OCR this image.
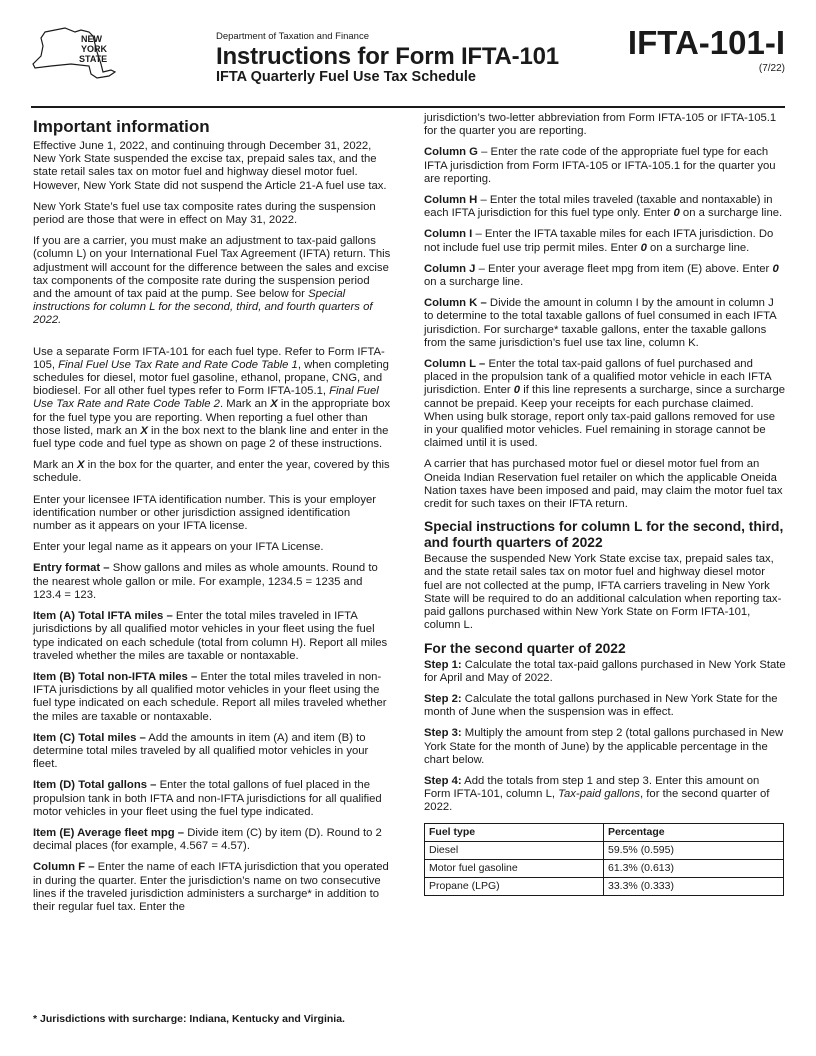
NEW
YORK
STATE
Department of Taxation and Finance
Instructions for Form IFTA-101
IFTA Quarterly Fuel Use Tax Schedule
IFTA-101-I
(7/22)
Important information

Effective June 1, 2022, and continuing through December 31, 2022, New York State suspended the excise tax, prepaid sales tax, and the state retail sales tax on motor fuel and highway diesel motor fuel. However, New York State did not suspend the Article 21-A fuel use tax.

New York State’s fuel use tax composite rates during the suspension period are those that were in effect on May 31, 2022.

If you are a carrier, you must make an adjustment to tax-paid gallons (column L) on your International Fuel Tax Agreement (IFTA) return. This adjustment will account for the difference between the sales and excise tax components of the composite rate during the suspension period and the amount of tax paid at the pump. See below for Special instructions for column L for the second, third, and fourth quarters of 2022.

Use a separate Form IFTA-101 for each fuel type. Refer to Form IFTA-105, Final Fuel Use Tax Rate and Rate Code Table 1, when completing schedules for diesel, motor fuel gasoline, ethanol, propane, CNG, and biodiesel. For all other fuel types refer to Form IFTA-105.1, Final Fuel Use Tax Rate and Rate Code Table 2. Mark an X in the appropriate box for the fuel type you are reporting. When reporting a fuel other than those listed, mark an X in the box next to the blank line and enter in the fuel type code and fuel type as shown on page 2 of these instructions.

Mark an X in the box for the quarter, and enter the year, covered by this schedule.

Enter your licensee IFTA identification number. This is your employer identification number or other jurisdiction assigned identification number as it appears on your IFTA license.

Enter your legal name as it appears on your IFTA License.

Entry format – Show gallons and miles as whole amounts. Round to the nearest whole gallon or mile. For example, 1234.5 = 1235 and 123.4 = 123.

Item (A) Total IFTA miles – Enter the total miles traveled in IFTA jurisdictions by all qualified motor vehicles in your fleet using the fuel type indicated on each schedule (total from column H). Report all miles traveled whether the miles are taxable or nontaxable.

Item (B) Total non-IFTA miles – Enter the total miles traveled in non-IFTA jurisdictions by all qualified motor vehicles in your fleet using the fuel type indicated on each schedule. Report all miles traveled whether the miles are taxable or nontaxable.

Item (C) Total miles – Add the amounts in item (A) and item (B) to determine total miles traveled by all qualified motor vehicles in your fleet.

Item (D) Total gallons – Enter the total gallons of fuel placed in the propulsion tank in both IFTA and non-IFTA jurisdictions for all qualified motor vehicles in your fleet using the fuel type indicated.

Item (E) Average fleet mpg – Divide item (C) by item (D). Round to 2 decimal places (for example, 4.567 = 4.57).

Column F – Enter the name of each IFTA jurisdiction that you operated in during the quarter. Enter the jurisdiction’s name on two consecutive lines if the traveled jurisdiction administers a surcharge* in addition to their regular fuel tax. Enter the

jurisdiction’s two-letter abbreviation from Form IFTA-105 or IFTA-105.1 for the quarter you are reporting.

Column G – Enter the rate code of the appropriate fuel type for each IFTA jurisdiction from Form IFTA-105 or IFTA-105.1 for the quarter you are reporting.

Column H – Enter the total miles traveled (taxable and nontaxable) in each IFTA jurisdiction for this fuel type only. Enter 0 on a surcharge line.

Column I – Enter the IFTA taxable miles for each IFTA jurisdiction. Do not include fuel use trip permit miles. Enter 0 on a surcharge line.

Column J – Enter your average fleet mpg from item (E) above. Enter 0 on a surcharge line.

Column K – Divide the amount in column I by the amount in column J to determine to the total taxable gallons of fuel consumed in each IFTA jurisdiction. For surcharge* taxable gallons, enter the taxable gallons from the same jurisdiction’s fuel use tax line, column K.

Column L – Enter the total tax-paid gallons of fuel purchased and placed in the propulsion tank of a qualified motor vehicle in each IFTA jurisdiction. Enter 0 if this line represents a surcharge, since a surcharge cannot be prepaid. Keep your receipts for each purchase claimed. When using bulk storage, report only tax-paid gallons removed for use in your qualified motor vehicles. Fuel remaining in storage cannot be claimed until it is used.

A carrier that has purchased motor fuel or diesel motor fuel from an Oneida Indian Reservation fuel retailer on which the applicable Oneida Nation taxes have been imposed and paid, may claim the motor fuel tax credit for such taxes on their IFTA return.

Special instructions for column L for the second, third, and fourth quarters of 2022

Because the suspended New York State excise tax, prepaid sales tax, and the state retail sales tax on motor fuel and highway diesel motor fuel are not collected at the pump, IFTA carriers traveling in New York State will be required to do an additional calculation when reporting tax-paid gallons purchased within New York State on Form IFTA-101, column L.

For the second quarter of 2022

Step 1: Calculate the total tax-paid gallons purchased in New York State for April and May of 2022.

Step 2: Calculate the total gallons purchased in New York State for the month of June when the suspension was in effect.

Step 3: Multiply the amount from step 2 (total gallons purchased in New York State for the month of June) by the applicable percentage in the chart below.

Step 4: Add the totals from step 1 and step 3. Enter this amount on Form IFTA-101, column L, Tax-paid gallons, for the second quarter of 2022.

Fuel type	Percentage
Diesel	59.5% (0.595)
Motor fuel gasoline	61.3% (0.613)
Propane (LPG)	33.3% (0.333)
* Jurisdictions with surcharge: Indiana, Kentucky and Virginia.
